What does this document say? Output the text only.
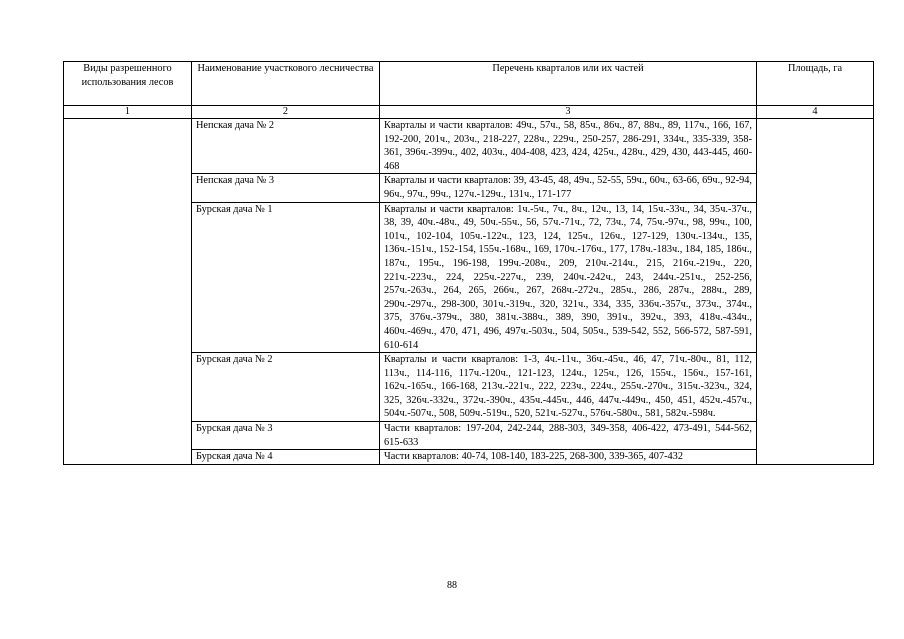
Виды разрешенного использования лесов	Наименование участкового лесничества	Перечень кварталов или их частей	Площадь, га
1	2	3	4
	Непская дача № 2	Кварталы и части кварталов: 49ч., 57ч., 58, 85ч., 86ч., 87, 88ч., 89, 117ч., 166, 167, 192-200, 201ч., 203ч., 218-227, 228ч., 229ч., 250-257, 286-291, 334ч., 335-339, 358-361, 396ч.-399ч., 402, 403ч., 404-408, 423, 424, 425ч., 428ч., 429, 430, 443-445, 460-468	
	Непская дача № 3	Кварталы и части кварталов: 39, 43-45, 48, 49ч., 52-55, 59ч., 60ч., 63-66, 69ч., 92-94, 96ч., 97ч., 99ч., 127ч.-129ч., 131ч., 171-177	
	Бурская дача № 1	Кварталы и части кварталов: 1ч.-5ч., 7ч., 8ч., 12ч., 13, 14, 15ч.-33ч., 34, 35ч.-37ч., 38, 39, 40ч.-48ч., 49, 50ч.-55ч., 56, 57ч.-71ч., 72, 73ч., 74, 75ч.-97ч., 98, 99ч., 100, 101ч., 102-104, 105ч.-122ч., 123, 124, 125ч., 126ч., 127-129, 130ч.-134ч., 135, 136ч.-151ч., 152-154, 155ч.-168ч., 169, 170ч.-176ч., 177, 178ч.-183ч., 184, 185, 186ч., 187ч., 195ч., 196-198, 199ч.-208ч., 209, 210ч.-214ч., 215, 216ч.-219ч., 220, 221ч.-223ч., 224, 225ч.-227ч., 239, 240ч.-242ч., 243, 244ч.-251ч., 252-256, 257ч.-263ч., 264, 265, 266ч., 267, 268ч.-272ч., 285ч., 286, 287ч., 288ч., 289, 290ч.-297ч., 298-300, 301ч.-319ч., 320, 321ч., 334, 335, 336ч.-357ч., 373ч., 374ч., 375, 376ч.-379ч., 380, 381ч.-388ч., 389, 390, 391ч., 392ч., 393, 418ч.-434ч., 460ч.-469ч., 470, 471, 496, 497ч.-503ч., 504, 505ч., 539-542, 552, 566-572, 587-591, 610-614	
	Бурская дача № 2	Кварталы и части кварталов: 1-3, 4ч.-11ч., 36ч.-45ч., 46, 47, 71ч.-80ч., 81, 112, 113ч., 114-116, 117ч.-120ч., 121-123, 124ч., 125ч., 126, 155ч., 156ч., 157-161, 162ч.-165ч., 166-168, 213ч.-221ч., 222, 223ч., 224ч., 255ч.-270ч., 315ч.-323ч., 324, 325, 326ч.-332ч., 372ч.-390ч., 435ч.-445ч., 446, 447ч.-449ч., 450, 451, 452ч.-457ч., 504ч.-507ч., 508, 509ч.-519ч., 520, 521ч.-527ч., 576ч.-580ч., 581, 582ч.-598ч.	
	Бурская дача № 3	Части кварталов: 197-204, 242-244, 288-303, 349-358, 406-422, 473-491, 544-562, 615-633	
	Бурская дача № 4	Части кварталов: 40-74, 108-140, 183-225, 268-300, 339-365, 407-432	
88
